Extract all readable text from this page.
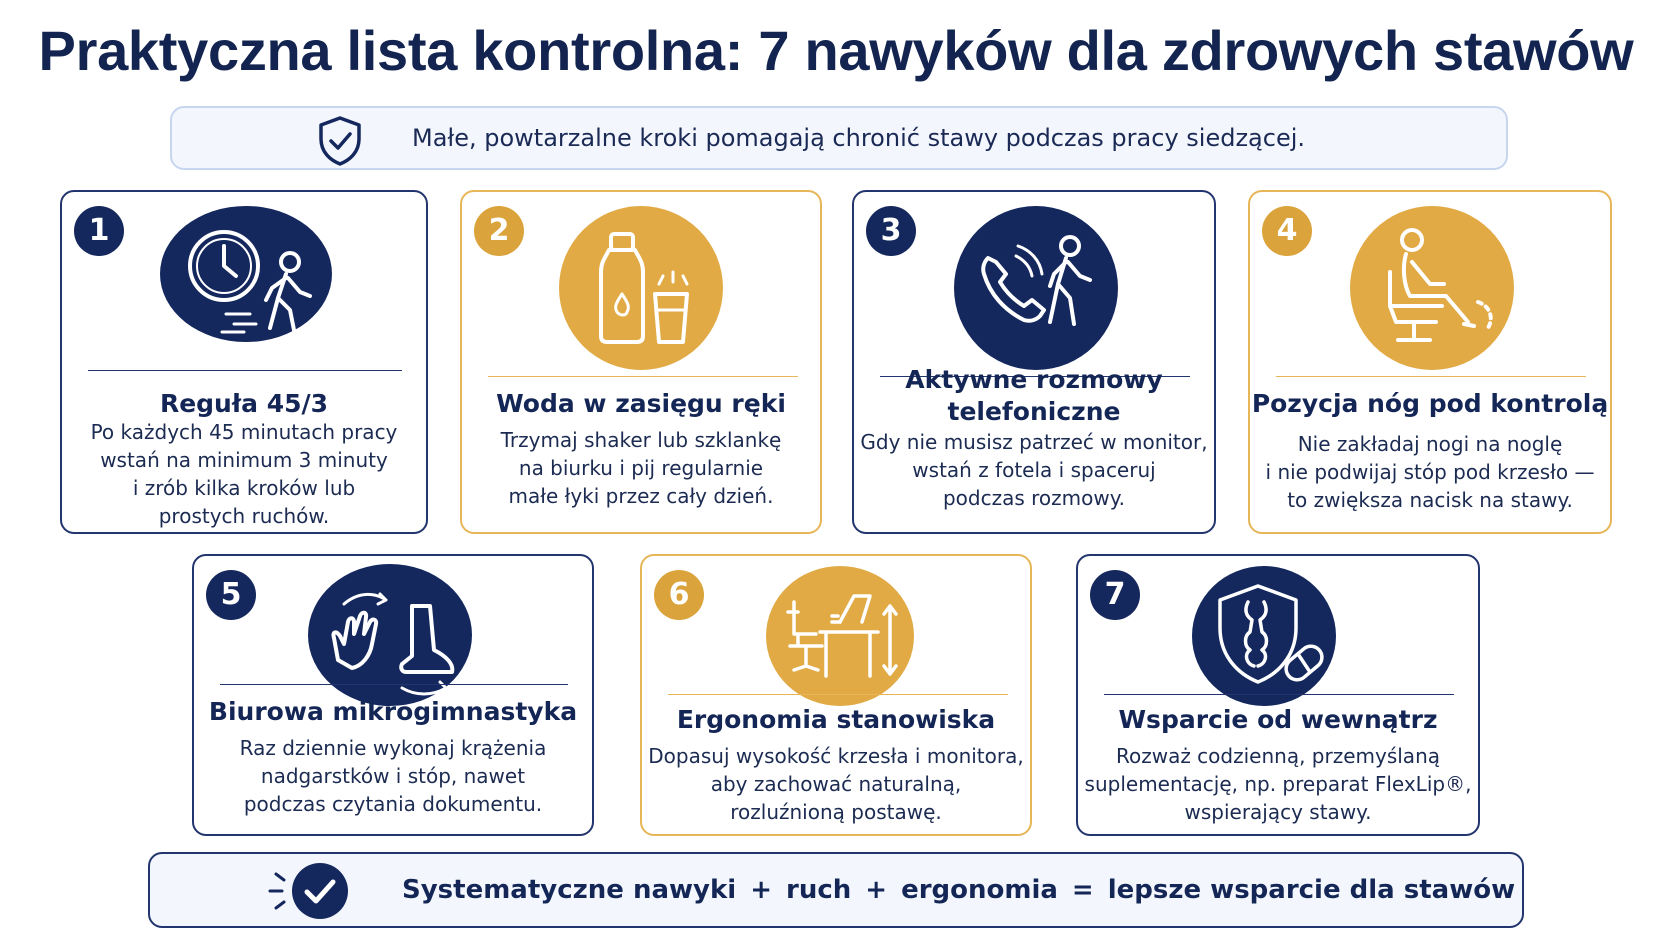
Praktyczna lista kontrolna: 7 nawyków dla zdrowych stawów
Małe, powtarzalne kroki pomagają chronić stawy podczas pracy siedzącej.
1
Reguła 45/3
Po każdych 45 minutach pracy
wstań na minimum 3 minuty
i zrób kilka kroków lub
prostych ruchów.
2
Woda w zasięgu ręki
Trzymaj shaker lub szklankę
na biurku i pij regularnie
małe łyki przez cały dzień.
3
Aktywne rozmowy
telefoniczne
Gdy nie musisz patrzeć w monitor,
wstań z fotela i spaceruj
podczas rozmowy.
4
Pozycja nóg pod kontrolą
Nie zakładaj nogi na noglę
i nie podwijaj stóp pod krzesło —
to zwiększa nacisk na stawy.
5
Biurowa mikrogimnastyka
Raz dziennie wykonaj krążenia
nadgarstków i stóp, nawet
podczas czytania dokumentu.
6
Ergonomia stanowiska
Dopasuj wysokość krzesła i monitora,
aby zachować naturalną,
rozluźnioną postawę.
7
Wsparcie od wewnątrz
Rozważ codzienną, przemyślaną
suplementację, np. preparat FlexLip®,
wspierający stawy.
Systematyczne nawyki + ruch + ergonomia = lepsze wsparcie dla stawów
